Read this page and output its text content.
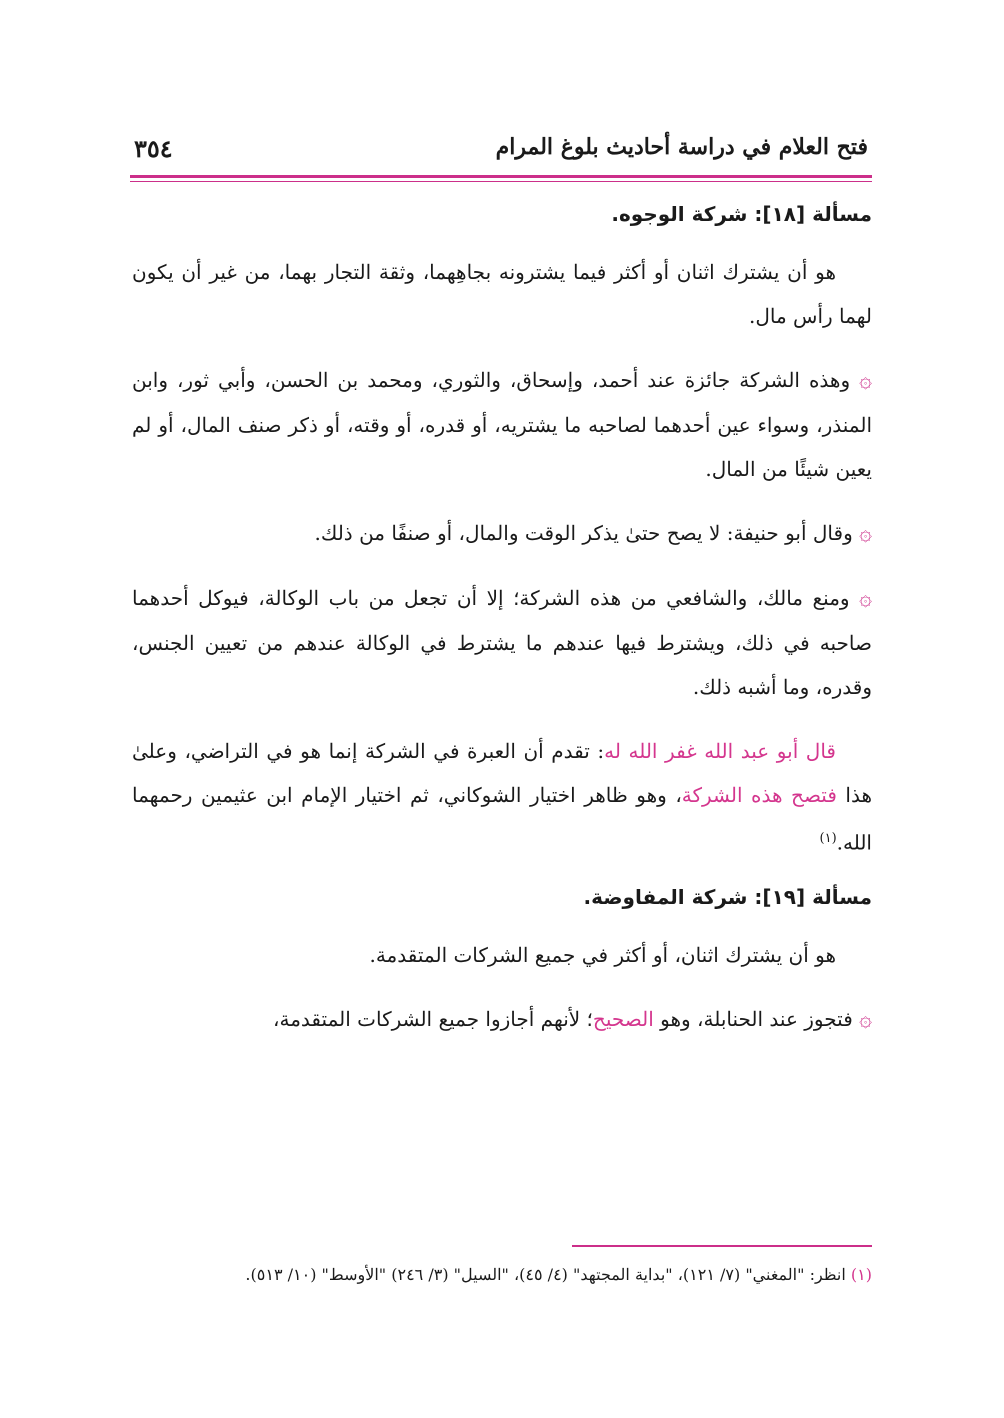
٣٥٤	فتح العلام في دراسة أحاديث بلوغ المرام
مسألة [١٨]: شركة الوجوه.

هو أن يشترك اثنان أو أكثر فيما يشترونه بجاهِهما، وثقة التجار بهما، من غير أن يكون لهما رأس مال.

۞ وهذه الشركة جائزة عند أحمد، وإسحاق، والثوري، ومحمد بن الحسن، وأبي ثور، وابن المنذر، وسواء عين أحدهما لصاحبه ما يشتريه، أو قدره، أو وقته، أو ذكر صنف المال، أو لم يعين شيئًا من المال.

۞ وقال أبو حنيفة: لا يصح حتىٰ يذكر الوقت والمال، أو صنفًا من ذلك.

۞ ومنع مالك، والشافعي من هذه الشركة؛ إلا أن تجعل من باب الوكالة، فيوكل أحدهما صاحبه في ذلك، ويشترط فيها عندهم ما يشترط في الوكالة عندهم من تعيين الجنس، وقدره، وما أشبه ذلك.

قال أبو عبد الله غفر الله له: تقدم أن العبرة في الشركة إنما هو في التراضي، وعلىٰ هذا فتصح هذه الشركة، وهو ظاهر اختيار الشوكاني، ثم اختيار الإمام ابن عثيمين رحمهما الله.$^{(١)}$

مسألة [١٩]: شركة المفاوضة.

هو أن يشترك اثنان، أو أكثر في جميع الشركات المتقدمة.

۞ فتجوز عند الحنابلة، وهو الصحيح؛ لأنهم أجازوا جميع الشركات المتقدمة،

(١) انظر: "المغني" (٧/ ١٢١)، "بداية المجتهد" (٤/ ٤٥)، "السيل" (٣/ ٢٤٦) "الأوسط" (١٠/ ٥١٣).
